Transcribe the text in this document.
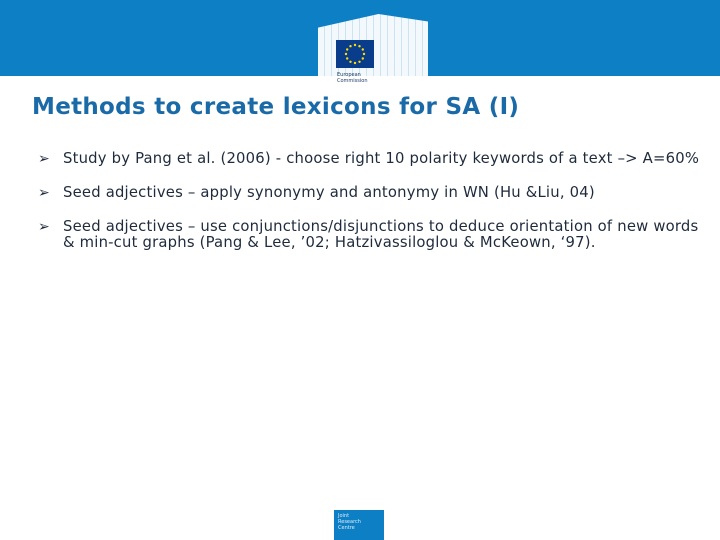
European
Commission
Methods to create lexicons for SA (I)
➢ Study by Pang et al. (2006) - choose right 10 polarity keywords of a text –> A=60%
➢ Seed adjectives – apply synonymy and antonymy in WN (Hu &Liu, 04)
➢ Seed adjectives – use conjunctions/disjunctions to deduce orientation of new words & min-cut graphs (Pang & Lee, ’02; Hatzivassiloglou & McKeown, ‘97).
Joint
Research
Centre
